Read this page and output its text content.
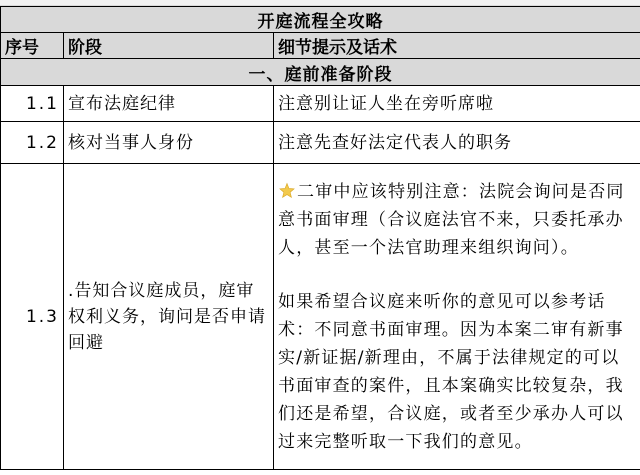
开庭流程全攻略		
序号	阶段	细节提示及话术
一、庭前准备阶段		
1.1	宣布法庭纪律	注意别让证人坐在旁听席啦
1.2	核对当事人身份	注意先查好法定代表人的职务
1.3	.告知合议庭成员，庭审权利义务，询问是否申请回避	二审中应该特别注意：法院会询问是否同意书面审理（合议庭法官不来，只委托承办人，甚至一个法官助理来组织询问）。

如果希望合议庭来听你的意见可以参考话术：不同意书面审理。因为本案二审有新事实/新证据/新理由，不属于法律规定的可以书面审查的案件，且本案确实比较复杂，我们还是希望，合议庭，或者至少承办人可以过来完整听取一下我们的意见。
